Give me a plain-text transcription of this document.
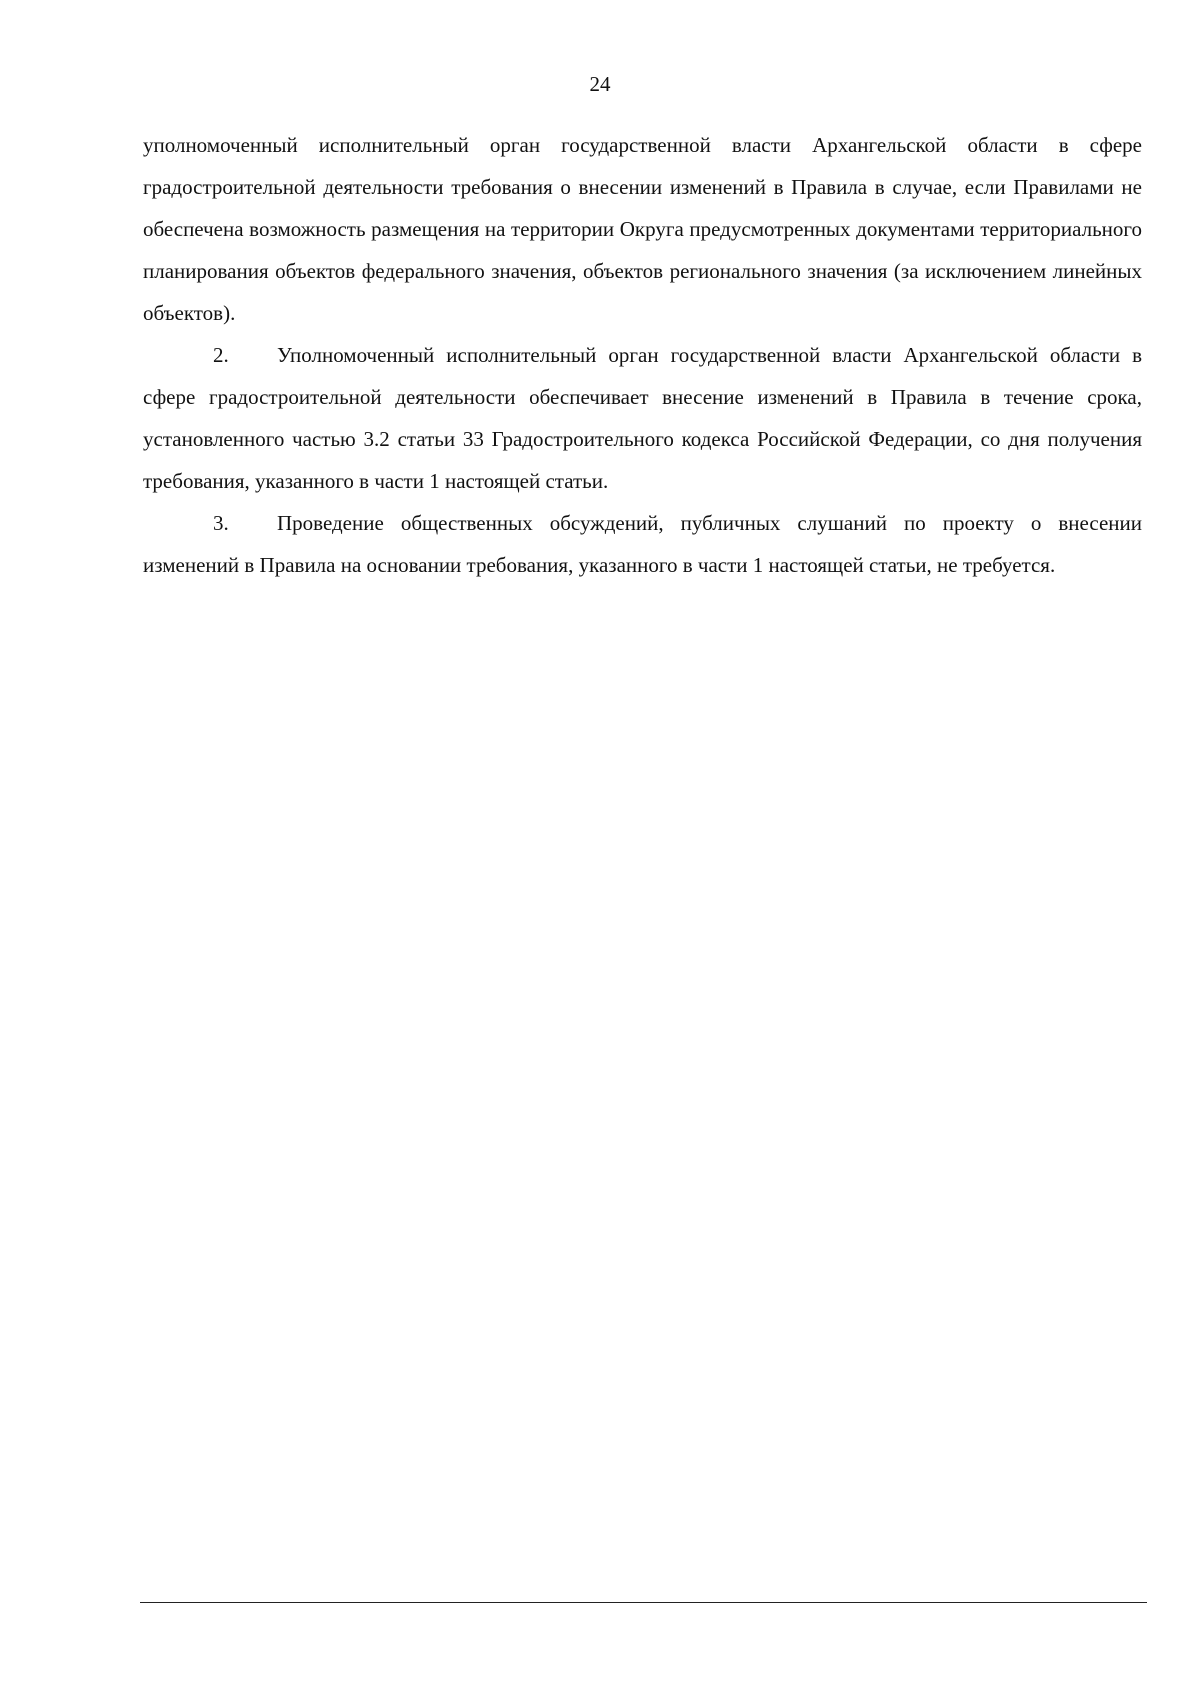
24

уполномоченный исполнительный орган государственной власти Архангельской области в сфере градостроительной деятельности требования о внесении изменений в Правила в случае, если Правилами не обеспечена возможность размещения на территории Округа предусмотренных документами территориального планирования объектов федерального значения, объектов регионального значения (за исключением линейных объектов).

2. Уполномоченный исполнительный орган государственной власти Архангельской области в сфере градостроительной деятельности обеспечивает внесение изменений в Правила в течение срока, установленного частью 3.2 статьи 33 Градостроительного кодекса Российской Федерации, со дня получения требования, указанного в части 1 настоящей статьи.

3. Проведение общественных обсуждений, публичных слушаний по проекту о внесении изменений в Правила на основании требования, указанного в части 1 настоящей статьи, не требуется.
